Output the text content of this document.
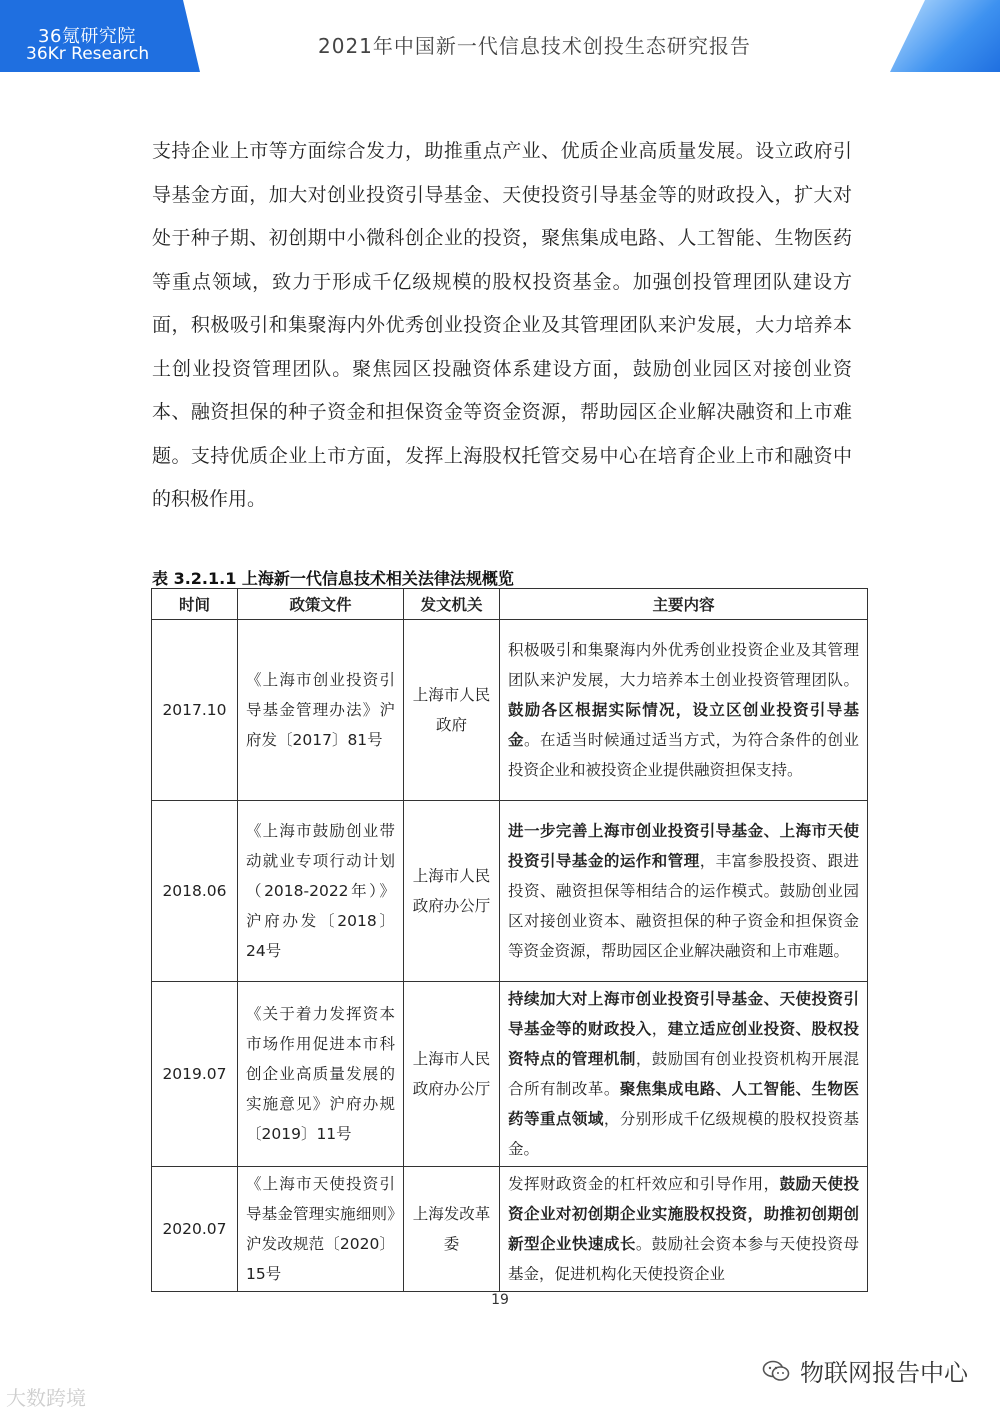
36氪研究院
36Kr Research	2021年中国新一代信息技术创投生态研究报告

支持企业上市等方面综合发力，助推重点产业、优质企业高质量发展。设立政府引导基金方面，加大对创业投资引导基金、天使投资引导基金等的财政投入，扩大对处于种子期、初创期中小微科创企业的投资，聚焦集成电路、人工智能、生物医药等重点领域，致力于形成千亿级规模的股权投资基金。加强创投管理团队建设方面，积极吸引和集聚海内外优秀创业投资企业及其管理团队来沪发展，大力培养本土创业投资管理团队。聚焦园区投融资体系建设方面，鼓励创业园区对接创业资本、融资担保的种子资金和担保资金等资金资源，帮助园区企业解决融资和上市难题。支持优质企业上市方面，发挥上海股权托管交易中心在培育企业上市和融资中的积极作用。

表 3.2.1.1 上海新一代信息技术相关法律法规概览
时间	政策文件	发文机关	主要内容
2017.10	《上海市创业投资引导基金管理办法》沪府发〔2017〕81号	上海市人民政府	积极吸引和集聚海内外优秀创业投资企业及其管理团队来沪发展，大力培养本土创业投资管理团队。鼓励各区根据实际情况，设立区创业投资引导基金。在适当时候通过适当方式，为符合条件的创业投资企业和被投资企业提供融资担保支持。
2018.06	《上海市鼓励创业带动就业专项行动计划（2018-2022年）》沪府办发〔2018〕24号	上海市人民政府办公厅	进一步完善上海市创业投资引导基金、上海市天使投资引导基金的运作和管理，丰富参股投资、跟进投资、融资担保等相结合的运作模式。鼓励创业园区对接创业资本、融资担保的种子资金和担保资金等资金资源，帮助园区企业解决融资和上市难题。
2019.07	《关于着力发挥资本市场作用促进本市科创企业高质量发展的实施意见》沪府办规〔2019〕11号	上海市人民政府办公厅	持续加大对上海市创业投资引导基金、天使投资引导基金等的财政投入，建立适应创业投资、股权投资特点的管理机制，鼓励国有创业投资机构开展混合所有制改革。聚焦集成电路、人工智能、生物医药等重点领域，分别形成千亿级规模的股权投资基金。
2020.07	《上海市天使投资引导基金管理实施细则》沪发改规范〔2020〕15号	上海发改革委	发挥财政资金的杠杆效应和引导作用，鼓励天使投资企业对初创期企业实施股权投资，助推初创期创新型企业快速成长。鼓励社会资本参与天使投资母基金，促进机构化天使投资企业
19
大数跨境
物联网报告中心
